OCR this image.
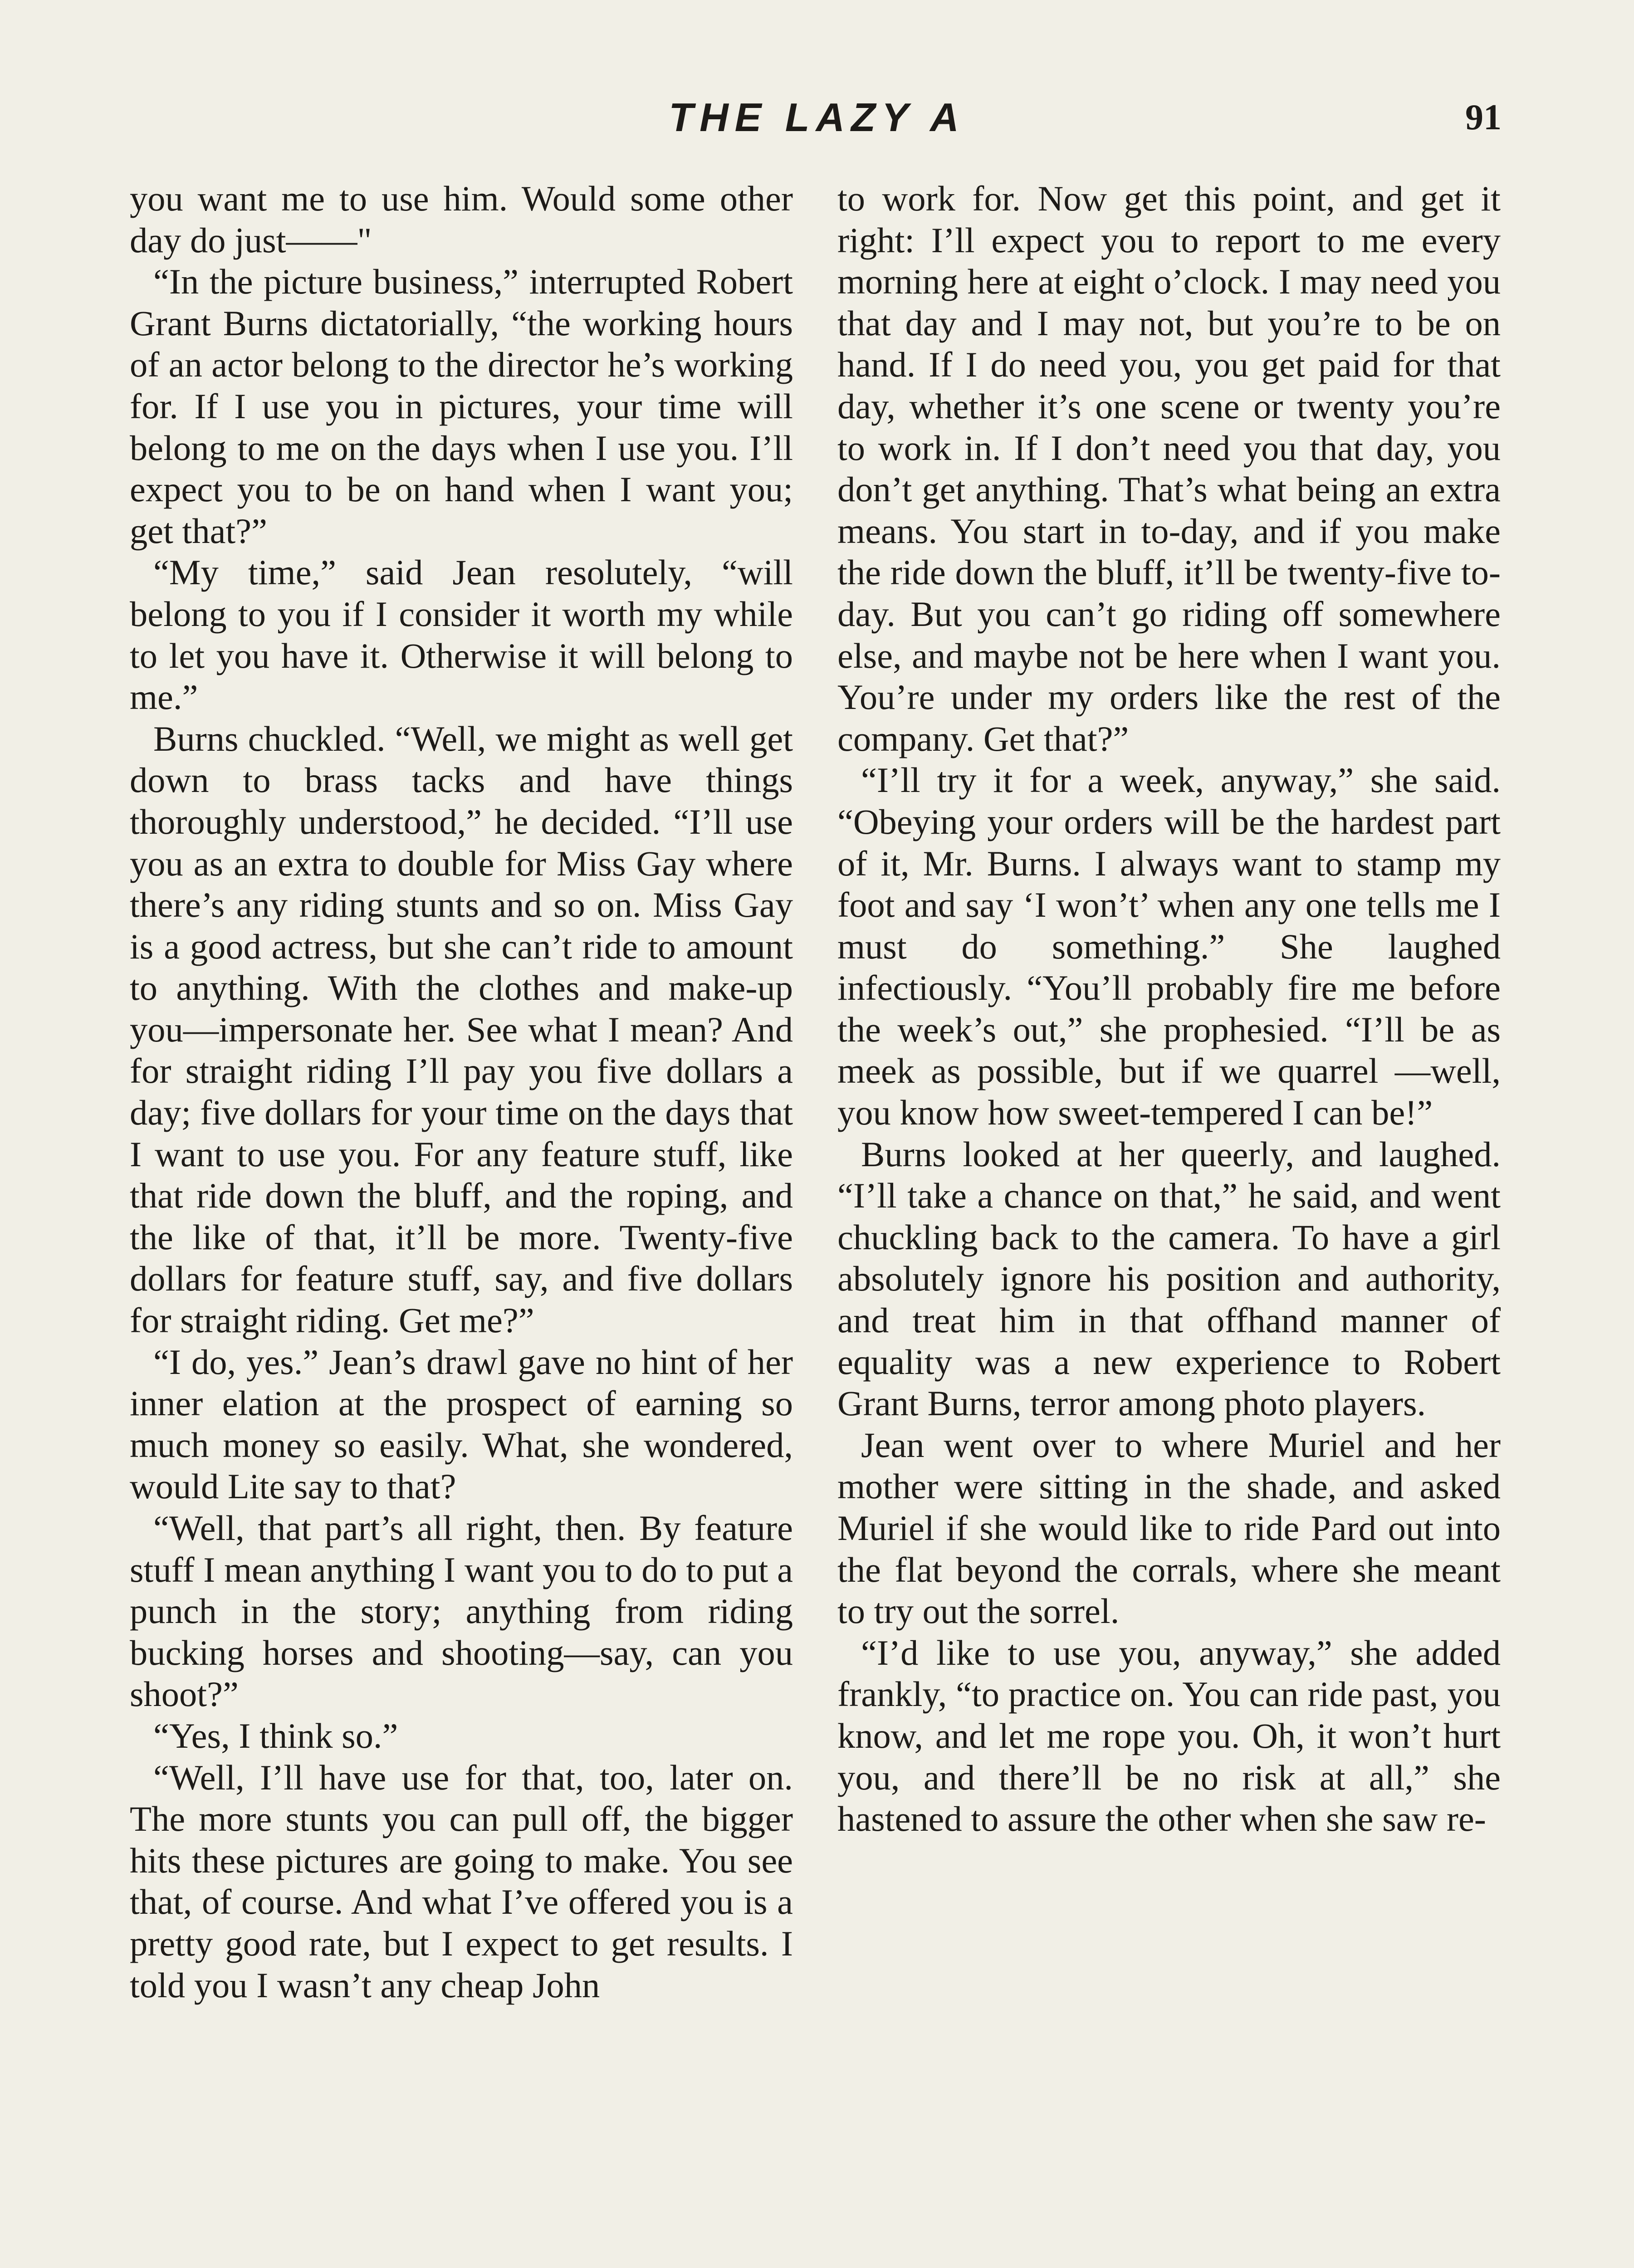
THE LAZY A	91

you want me to use him. Would some other day do just——"

“In the picture business,” interrupted Robert Grant Burns dictatorially, “the working hours of an actor belong to the director he’s working for. If I use you in pictures, your time will belong to me on the days when I use you. I’ll expect you to be on hand when I want you; get that?”

“My time,” said Jean resolutely, “will belong to you if I consider it worth my while to let you have it. Otherwise it will belong to me.”

Burns chuckled. “Well, we might as well get down to brass tacks and have things thoroughly understood,” he decided. “I’ll use you as an extra to double for Miss Gay where there’s any riding stunts and so on. Miss Gay is a good actress, but she can’t ride to amount to anything. With the clothes and make-up you—impersonate her. See what I mean? And for straight riding I’ll pay you five dollars a day; five dollars for your time on the days that I want to use you. For any feature stuff, like that ride down the bluff, and the roping, and the like of that, it’ll be more. Twenty-five dollars for feature stuff, say, and five dollars for straight riding. Get me?”

“I do, yes.” Jean’s drawl gave no hint of her inner elation at the prospect of earning so much money so easily. What, she wondered, would Lite say to that?

“Well, that part’s all right, then. By feature stuff I mean anything I want you to do to put a punch in the story; anything from riding bucking horses and shooting—say, can you shoot?”

“Yes, I think so.”

“Well, I’ll have use for that, too, later on. The more stunts you can pull off, the bigger hits these pictures are going to make. You see that, of course. And what I’ve offered you is a pretty good rate, but I expect to get results. I told you I wasn’t any cheap John

to work for. Now get this point, and get it right: I’ll expect you to report to me every morning here at eight o’clock. I may need you that day and I may not, but you’re to be on hand. If I do need you, you get paid for that day, whether it’s one scene or twenty you’re to work in. If I don’t need you that day, you don’t get anything. That’s what being an extra means. You start in to-day, and if you make the ride down the bluff, it’ll be twenty-five to-day. But you can’t go riding off somewhere else, and maybe not be here when I want you. You’re under my orders like the rest of the company. Get that?”

“I’ll try it for a week, anyway,” she said. “Obeying your orders will be the hardest part of it, Mr. Burns. I always want to stamp my foot and say ‘I won’t’ when any one tells me I must do something.” She laughed infectiously. “You’ll probably fire me before the week’s out,” she prophesied. “I’ll be as meek as possible, but if we quarrel —well, you know how sweet-tempered I can be!”

Burns looked at her queerly, and laughed. “I’ll take a chance on that,” he said, and went chuckling back to the camera. To have a girl absolutely ignore his position and authority, and treat him in that offhand manner of equality was a new experience to Robert Grant Burns, terror among photo players.

Jean went over to where Muriel and her mother were sitting in the shade, and asked Muriel if she would like to ride Pard out into the flat beyond the corrals, where she meant to try out the sorrel.

“I’d like to use you, anyway,” she added frankly, “to practice on. You can ride past, you know, and let me rope you. Oh, it won’t hurt you, and there’ll be no risk at all,” she hastened to assure the other when she saw re-
